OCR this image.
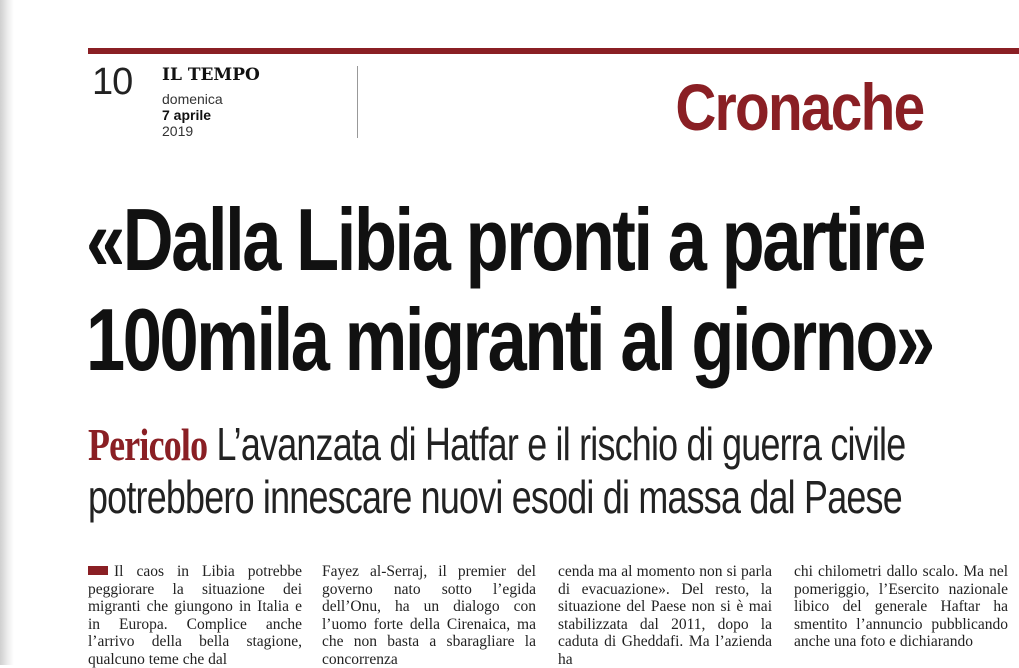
10 IL TEMPO
domenica
7 aprile
2019	Cronache
«Dalla Libia pronti a partire
100mila migranti al giorno»
Pericolo L’avanzata di Hatfar e il rischio di guerra civile
potrebbero innescare nuovi esodi di massa dal Paese

Il caos in Libia potrebbe peggiorare la situazione dei migranti che giungono in Italia e in Europa. Complice anche l’arrivo della bella stagione, qualcuno teme che dal

Fayez al-Serraj, il premier del governo nato sotto l’egida dell’Onu, ha un dialogo con l’uomo forte della Cirenaica, ma che non basta a sbaragliare la concorrenza

cenda ma al momento non si parla di evacuazione». Del resto, la situazione del Paese non si è mai stabilizzata dal 2011, dopo la caduta di Gheddafi. Ma l’azienda ha

chi chilometri dallo scalo. Ma nel pomeriggio, l’Esercito nazionale libico del generale Haftar ha smentito l’annuncio pubblicando anche una foto e dichiarando
